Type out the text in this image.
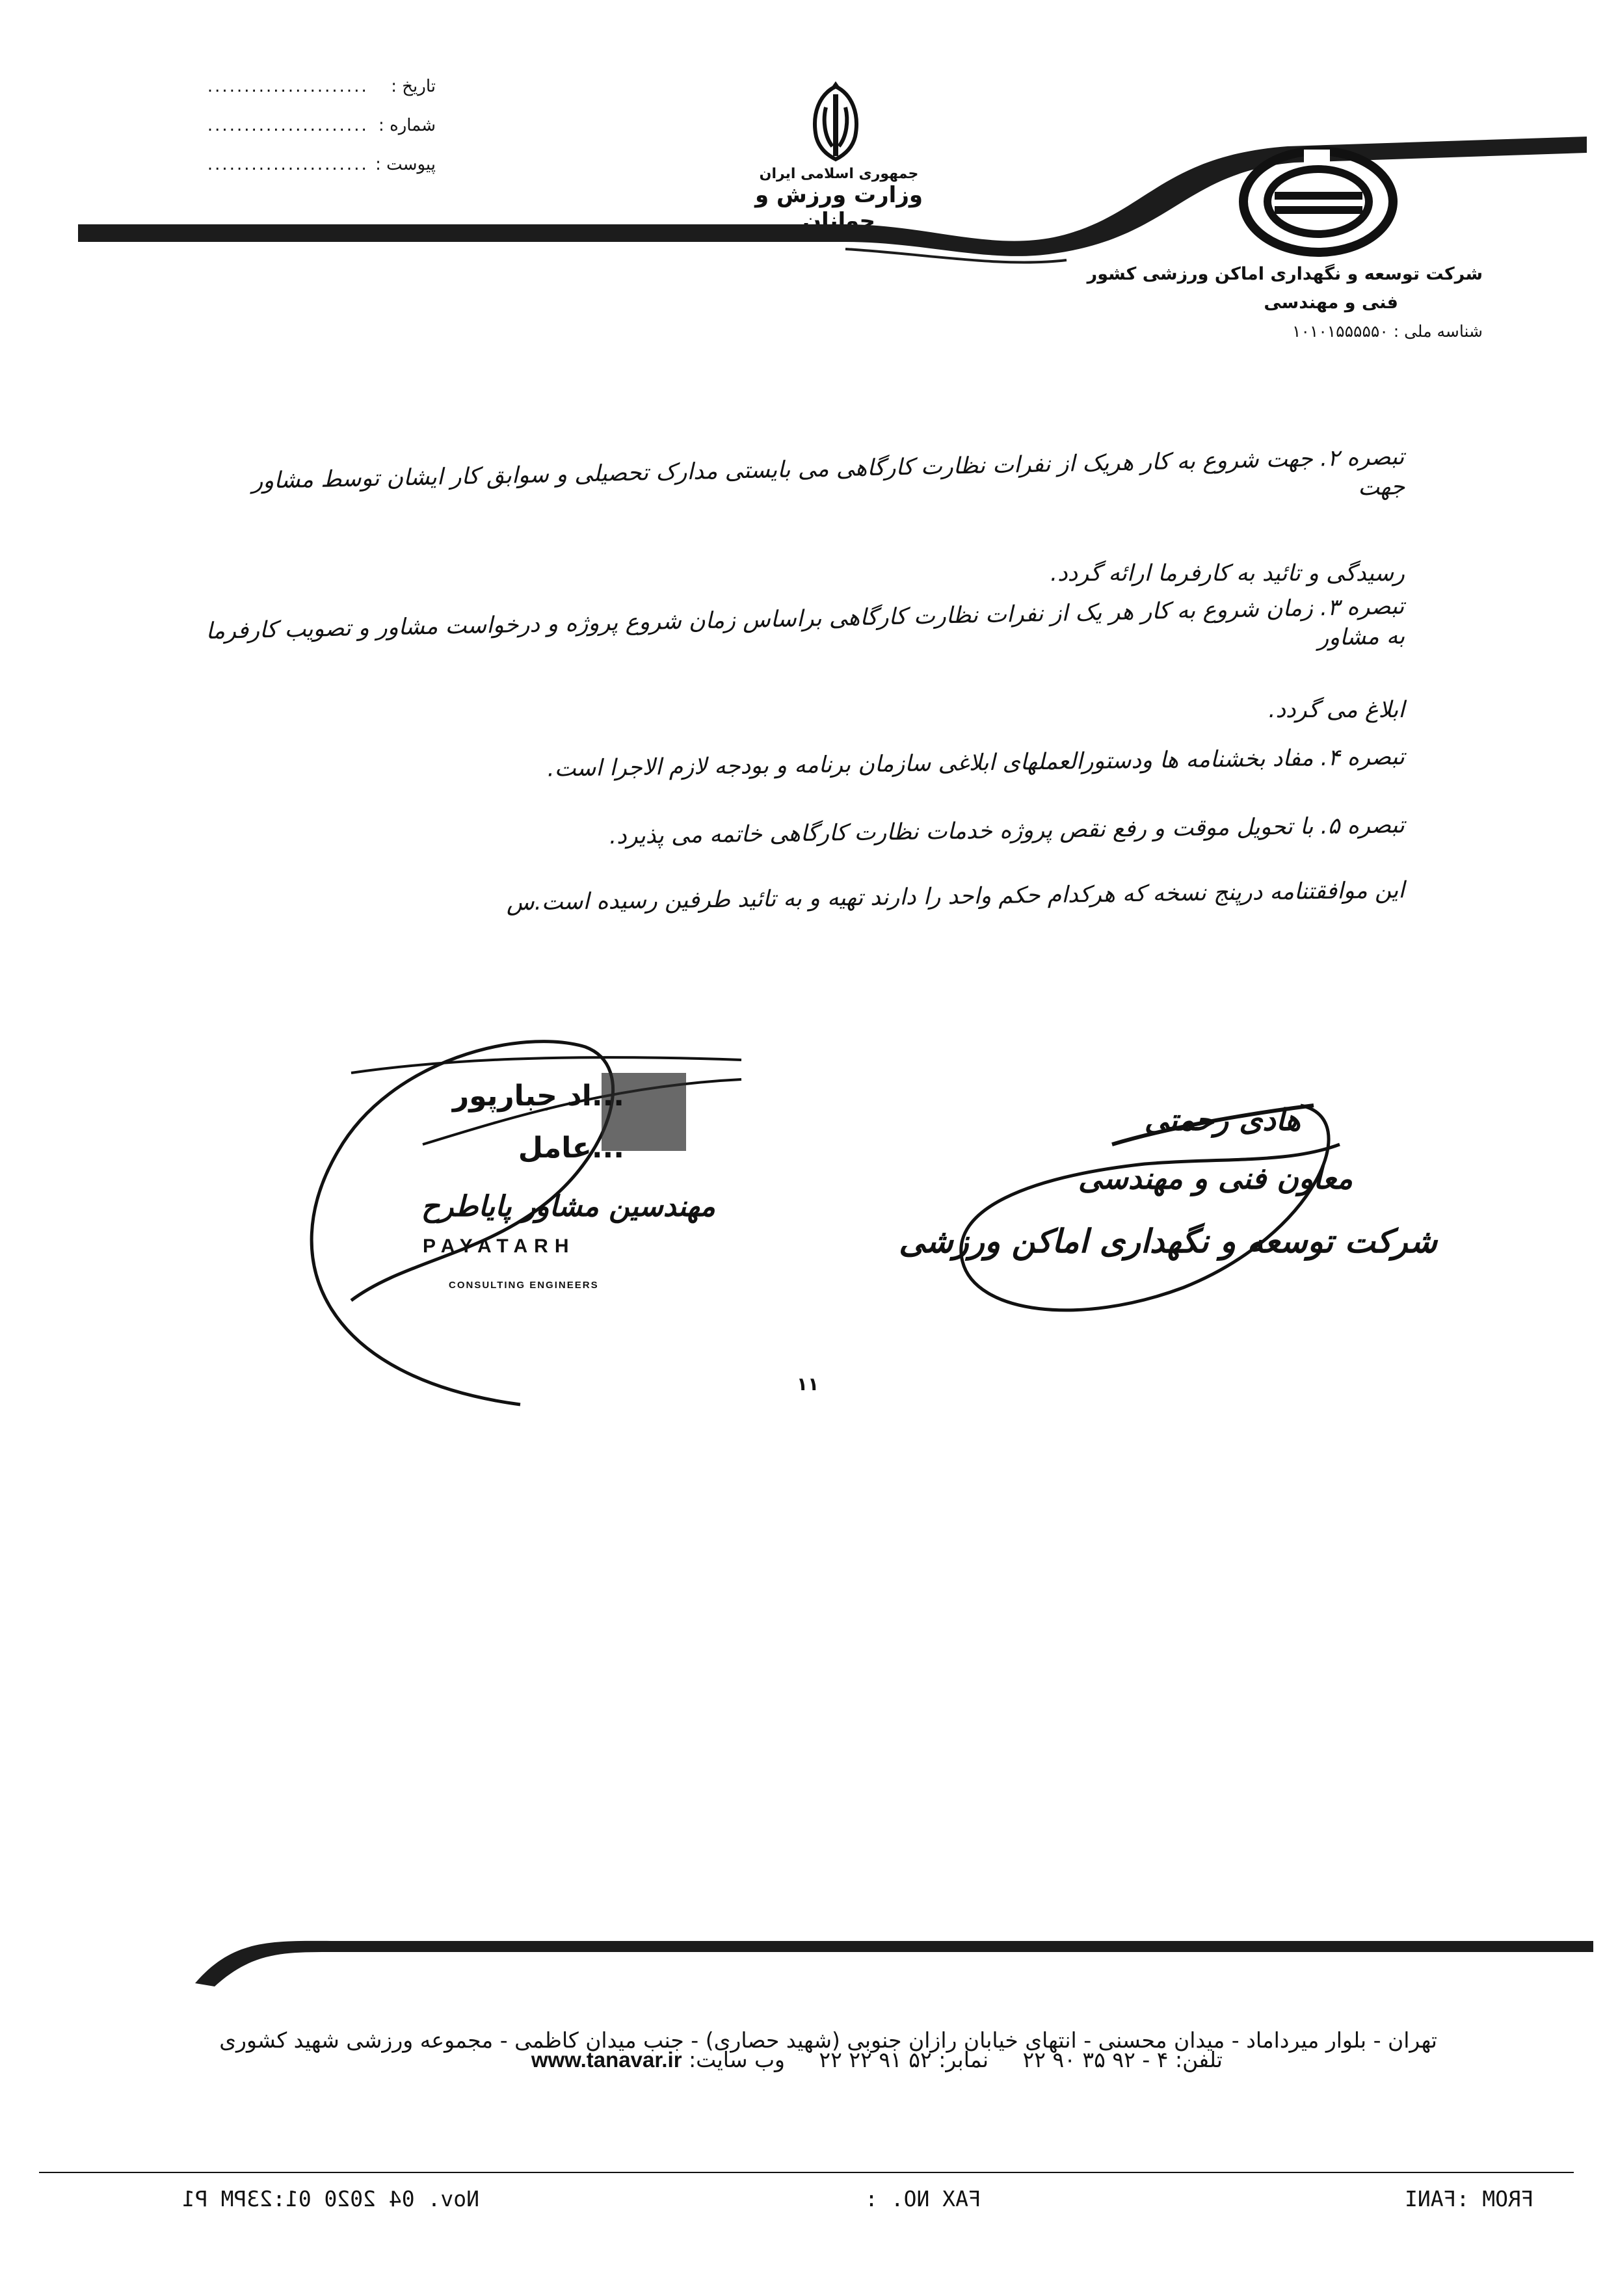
تاریخ : ......................
شماره : ......................
پیوست : ......................	جمهوری اسلامی ایران
وزارت ورزش و جوانان
شرکت توسعه و نگهداری اماکن ورزشی کشور
فنی و مهندسی
شناسه ملی : ۱۰۱۰۱۵۵۵۵۵۰
تبصره ۲. جهت شروع به کار هریک از نفرات نظارت کارگاهی می بایستی مدارک تحصیلی و سوابق کار ایشان توسط مشاور جهت
رسیدگی و تائید به کارفرما ارائه گردد.
تبصره ۳. زمان شروع به کار هر یک از نفرات نظارت کارگاهی براساس زمان شروع پروژه و درخواست مشاور و تصویب کارفرما به مشاور
ابلاغ می گردد.
تبصره ۴. مفاد بخشنامه ها ودستورالعملهای ابلاغی سازمان برنامه و بودجه لازم الاجرا است.
تبصره ۵. با تحویل موقت و رفع نقص پروژه خدمات نظارت کارگاهی خاتمه می پذیرد.
این موافقتنامه درپنج نسخه که هرکدام حکم واحد را دارند تهیه و به تائید طرفین رسیده است.س
...اد جبارپور
...عامل
مهندسین مشاور پایاطرح
PAYATARH
CONSULTING ENGINEERS
هادی رحمتی
معاون فنی و مهندسی
شرکت توسعه و نگهداری اماکن ورزشی
۱۱
تهران - بلوار میرداماد - میدان محسنی - انتهای خیابان رازان جنوبی (شهید حصاری) - جنب میدان کاظمی - مجموعه ورزشی شهید کشوری
تلفن: ۴ - ۹۲ ۳۵ ۹۰ ۲۲     نمابر: ۵۲ ۹۱ ۲۲ ۲۲     وب سایت: www.tanavar.ir
Nov. 04 2020 01:23PM P1	FAX NO. :	FROM :FANI
